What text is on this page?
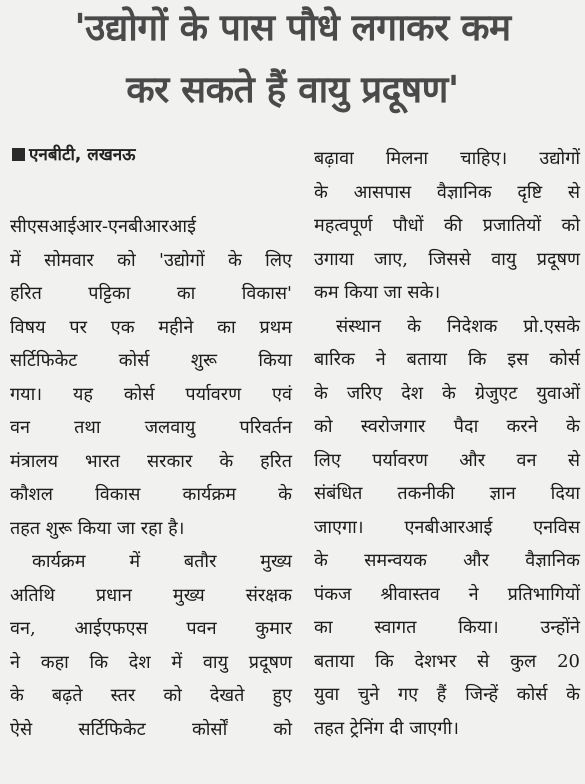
'उद्योगों के पास पौधे लगाकर कम
कर सकते हैं वायु प्रदूषण'
एनबीटी, लखनऊ
सीएसआईआर-एनबीआरआई
में सोमवार को 'उद्योगों के लिए
हरित पट्टिका का विकास'
विषय पर एक महीने का प्रथम
सर्टिफिकेट कोर्स शुरू किया
गया। यह कोर्स पर्यावरण एवं
वन तथा जलवायु परिवर्तन
मंत्रालय भारत सरकार के हरित
कौशल विकास कार्यक्रम के
तहत शुरू किया जा रहा है।
कार्यक्रम में बतौर मुख्य
अतिथि प्रधान मुख्य संरक्षक
वन, आईएफएस पवन कुमार
ने कहा कि देश में वायु प्रदूषण
के बढ़ते स्तर को देखते हुए
ऐसे सर्टिफिकेट कोर्सों को
बढ़ावा मिलना चाहिए। उद्योगों
के आसपास वैज्ञानिक दृष्टि से
महत्वपूर्ण पौधों की प्रजातियों को
उगाया जाए, जिससे वायु प्रदूषण
कम किया जा सके।
संस्थान के निदेशक प्रो.एसके
बारिक ने बताया कि इस कोर्स
के जरिए देश के ग्रेजुएट युवाओं
को स्वरोजगार पैदा करने के
लिए पर्यावरण और वन से
संबंधित तकनीकी ज्ञान दिया
जाएगा। एनबीआरआई एनविस
के समन्वयक और वैज्ञानिक
पंकज श्रीवास्तव ने प्रतिभागियों
का स्वागत किया। उन्होंने
बताया कि देशभर से कुल 20
युवा चुने गए हैं जिन्हें कोर्स के
तहत ट्रेनिंग दी जाएगी।
